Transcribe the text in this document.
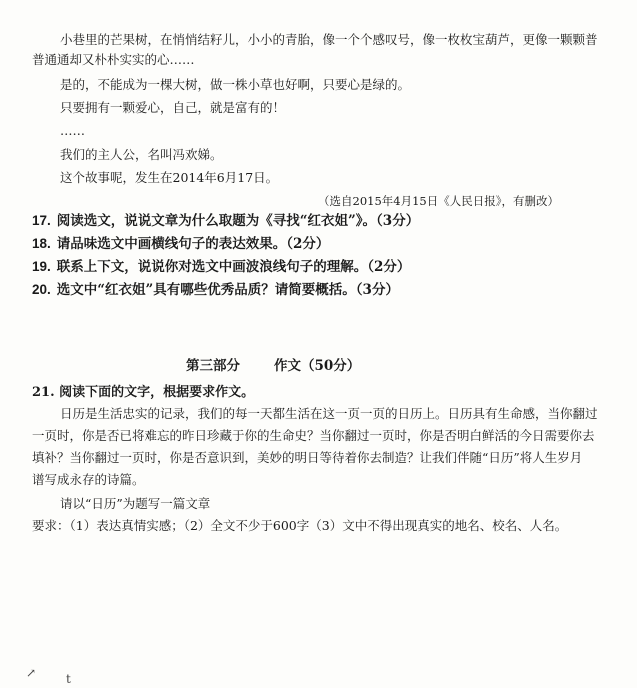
小巷里的芒果树，在悄悄结籽儿，小小的青胎，像一个个感叹号，像一枚枚宝葫芦，更像一颗颗普
普通通却又朴朴实实的心……
是的，不能成为一棵大树，做一株小草也好啊，只要心是绿的。
只要拥有一颗爱心，自己，就是富有的！
……
我们的主人公，名叫冯欢娣。
这个故事呢，发生在2014年6月17日。
（选自2015年4月15日《人民日报》，有删改）
17. 阅读选文，说说文章为什么取题为《寻找“红衣姐”》。（3分）
18. 请品味选文中画横线句子的表达效果。（2分）
19. 联系上下文，说说你对选文中画波浪线句子的理解。（2分）
20. 选文中“红衣姐”具有哪些优秀品质？请简要概括。（3分）
第三部分	作文（50分）
21. 阅读下面的文字，根据要求作文。
日历是生活忠实的记录，我们的每一天都生活在这一页一页的日历上。日历具有生命感，当你翻过
一页时，你是否已将难忘的昨日珍藏于你的生命史？当你翻过一页时，你是否明白鲜活的今日需要你去
填补？当你翻过一页时，你是否意识到，美妙的明日等待着你去制造？让我们伴随“日历”将人生岁月
谱写成永存的诗篇。
请以“日历”为题写一篇文章
要求：（1）表达真情实感；（2）全文不少于600字（3）文中不得出现真实的地名、校名、人名。
↗ t
